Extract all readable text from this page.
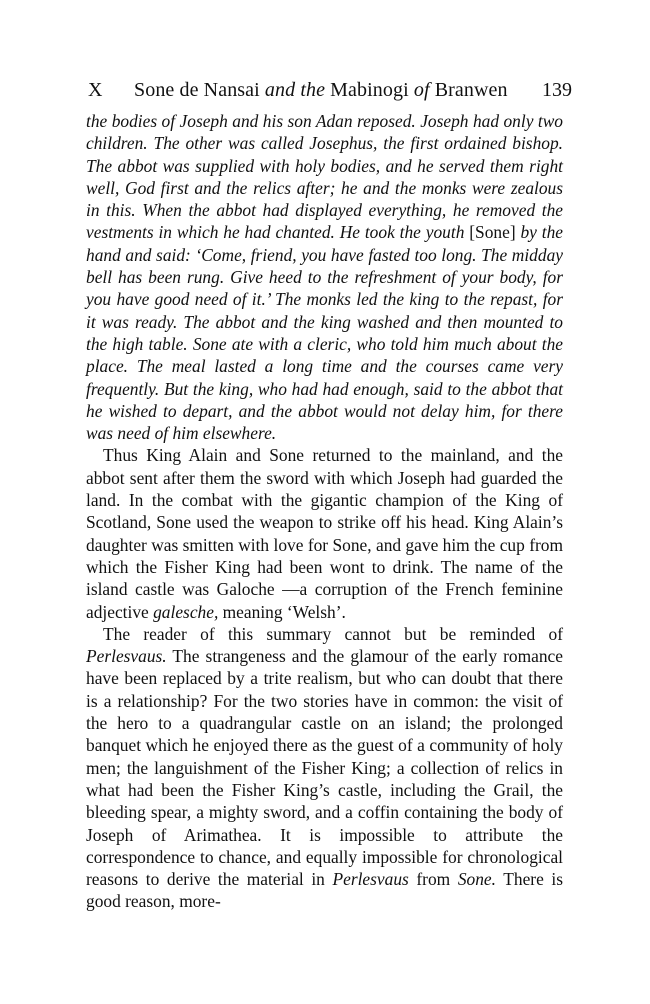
X Sone de Nansai and the Mabinogi of Branwen 139

the bodies of Joseph and his son Adan reposed. Joseph had only two children. The other was called Josephus, the first ordained bishop. The abbot was supplied with holy bodies, and he served them right well, God first and the relics after; he and the monks were zealous in this. When the abbot had displayed everything, he removed the vestments in which he had chanted. He took the youth [Sone] by the hand and said: ‘Come, friend, you have fasted too long. The midday bell has been rung. Give heed to the refreshment of your body, for you have good need of it.’ The monks led the king to the repast, for it was ready. The abbot and the king washed and then mounted to the high table. Sone ate with a cleric, who told him much about the place. The meal lasted a long time and the courses came very frequently. But the king, who had had enough, said to the abbot that he wished to depart, and the abbot would not delay him, for there was need of him elsewhere.

Thus King Alain and Sone returned to the mainland, and the abbot sent after them the sword with which Joseph had guarded the land. In the combat with the gigantic champion of the King of Scotland, Sone used the weapon to strike off his head. King Alain’s daughter was smitten with love for Sone, and gave him the cup from which the Fisher King had been wont to drink. The name of the island castle was Galoche —a corruption of the French feminine adjective galesche, meaning ‘Welsh’.

The reader of this summary cannot but be reminded of Perlesvaus. The strangeness and the glamour of the early romance have been replaced by a trite realism, but who can doubt that there is a relationship? For the two stories have in common: the visit of the hero to a quadrangular castle on an island; the prolonged banquet which he enjoyed there as the guest of a community of holy men; the languishment of the Fisher King; a collection of relics in what had been the Fisher King’s castle, including the Grail, the bleeding spear, a mighty sword, and a coffin containing the body of Joseph of Arimathea. It is impossible to attribute the correspondence to chance, and equally impossible for chronological reasons to derive the material in Perlesvaus from Sone. There is good reason, more-
